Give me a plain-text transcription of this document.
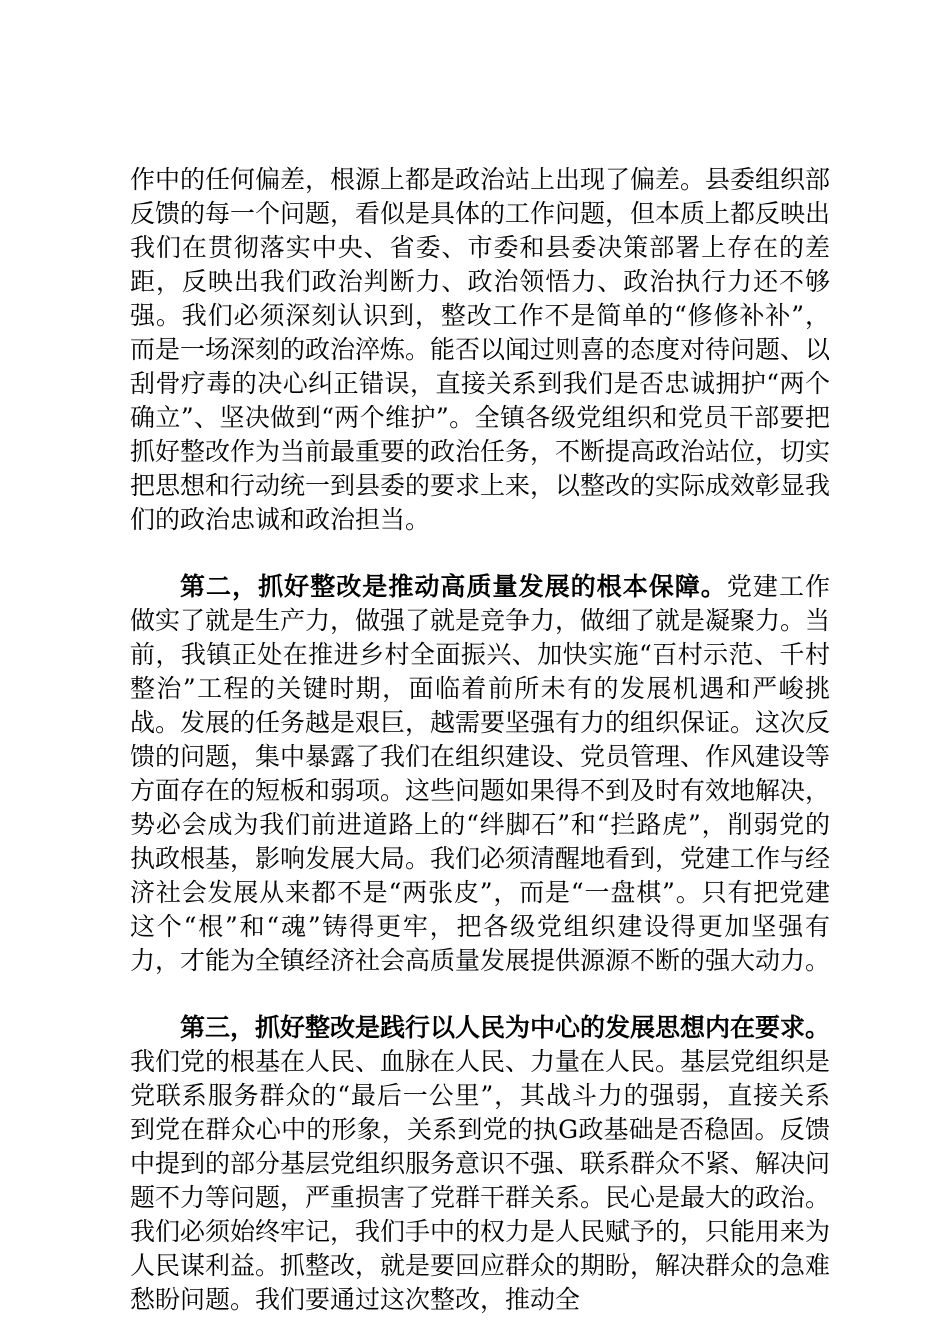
作中的任何偏差，根源上都是政治站上出现了偏差。县委组织部反馈的每一个问题，看似是具体的工作问题，但本质上都反映出我们在贯彻落实中央、省委、市委和县委决策部署上存在的差距，反映出我们政治判断力、政治领悟力、政治执行力还不够强。我们必须深刻认识到，整改工作不是简单的“修修补补”，而是一场深刻的政治淬炼。能否以闻过则喜的态度对待问题、以刮骨疗毒的决心纠正错误，直接关系到我们是否忠诚拥护“两个确立”、坚决做到“两个维护”。全镇各级党组织和党员干部要把抓好整改作为当前最重要的政治任务，不断提高政治站位，切实把思想和行动统一到县委的要求上来，以整改的实际成效彰显我们的政治忠诚和政治担当。

第二，抓好整改是推动高质量发展的根本保障。党建工作做实了就是生产力，做强了就是竞争力，做细了就是凝聚力。当前，我镇正处在推进乡村全面振兴、加快实施“百村示范、千村整治”工程的关键时期，面临着前所未有的发展机遇和严峻挑战。发展的任务越是艰巨，越需要坚强有力的组织保证。这次反馈的问题，集中暴露了我们在组织建设、党员管理、作风建设等方面存在的短板和弱项。这些问题如果得不到及时有效地解决，势必会成为我们前进道路上的“绊脚石”和“拦路虎”，削弱党的执政根基，影响发展大局。我们必须清醒地看到，党建工作与经济社会发展从来都不是“两张皮”，而是“一盘棋”。只有把党建这个“根”和“魂”铸得更牢，把各级党组织建设得更加坚强有力，才能为全镇经济社会高质量发展提供源源不断的强大动力。

第三，抓好整改是践行以人民为中心的发展思想内在要求。我们党的根基在人民、血脉在人民、力量在人民。基层党组织是党联系服务群众的“最后一公里”，其战斗力的强弱，直接关系到党在群众心中的形象，关系到党的执G政基础是否稳固。反馈中提到的部分基层党组织服务意识不强、联系群众不紧、解决问题不力等问题，严重损害了党群干群关系。民心是最大的政治。我们必须始终牢记，我们手中的权力是人民赋予的，只能用来为人民谋利益。抓整改，就是要回应群众的期盼，解决群众的急难愁盼问题。我们要通过这次整改，推动全
